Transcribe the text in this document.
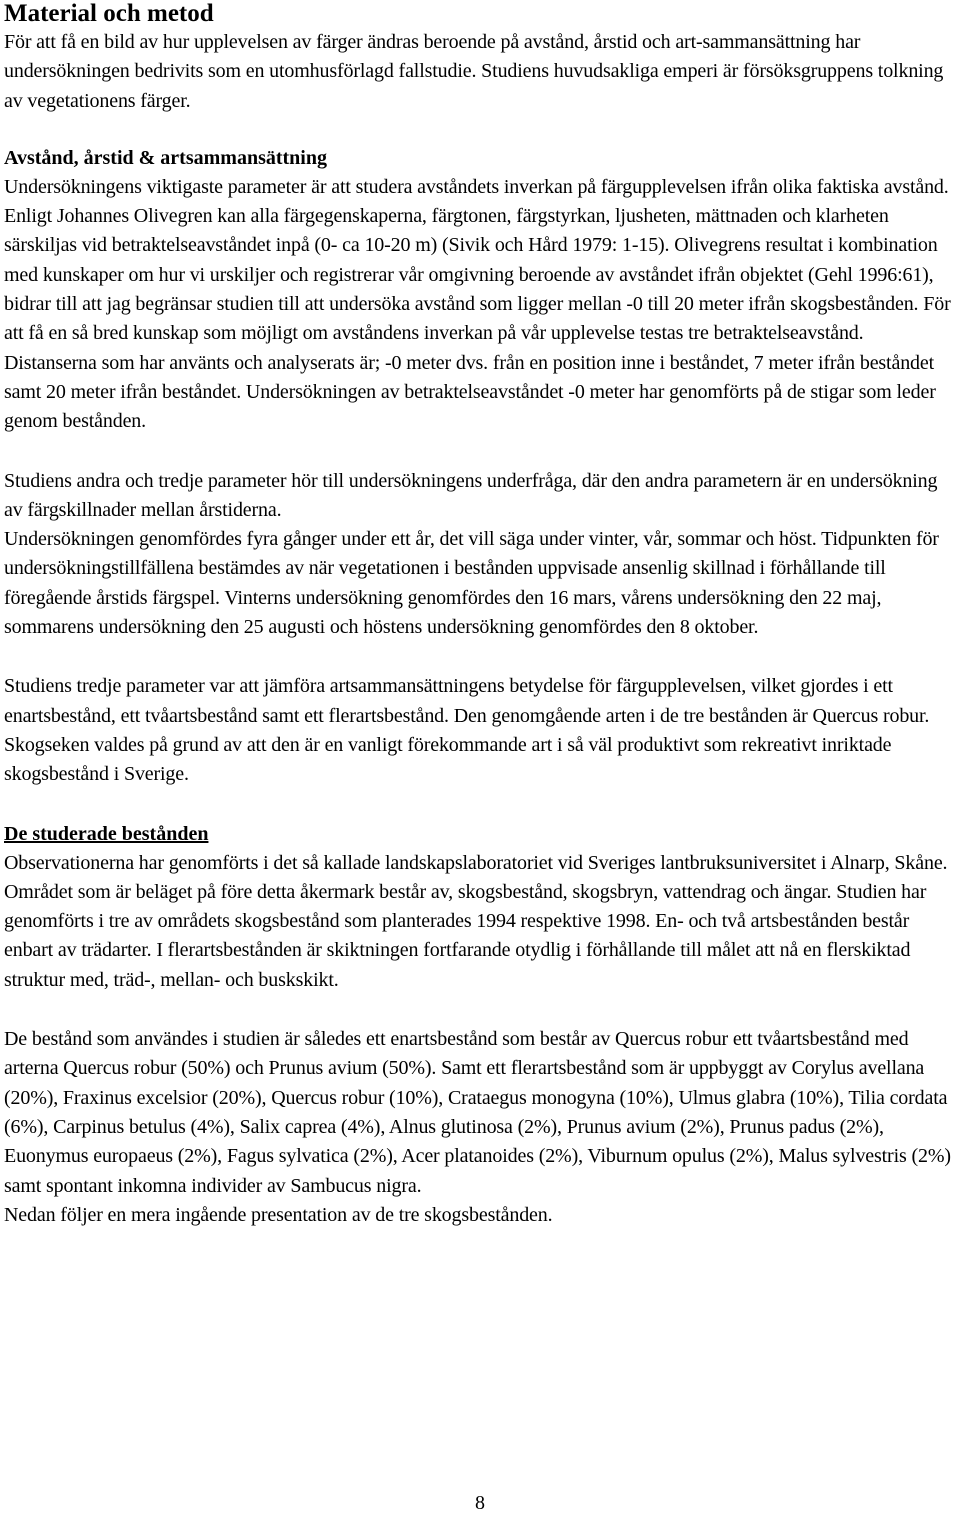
Material och metod

För att få en bild av hur upplevelsen av färger ändras beroende på avstånd, årstid och art-sammansättning har undersökningen bedrivits som en utomhusförlagd fallstudie. Studiens huvudsakliga emperi är försöksgruppens tolkning av vegetationens färger.

Avstånd, årstid & artsammansättning

Undersökningens viktigaste parameter är att studera avståndets inverkan på färgupplevelsen ifrån olika faktiska avstånd. Enligt Johannes Olivegren kan alla färgegenskaperna, färgtonen, färgstyrkan, ljusheten, mättnaden och klarheten särskiljas vid betraktelseavståndet inpå (0- ca 10-20 m) (Sivik och Hård 1979: 1-15). Olivegrens resultat i kombination med kunskaper om hur vi urskiljer och registrerar vår omgivning beroende av avståndet ifrån objektet (Gehl 1996:61), bidrar till att jag begränsar studien till att undersöka avstånd som ligger mellan -0 till 20 meter ifrån skogsbestånden. För att få en så bred kunskap som möjligt om avståndens inverkan på vår upplevelse testas tre betraktelseavstånd. Distanserna som har använts och analyserats är; -0 meter dvs. från en position inne i beståndet, 7 meter ifrån beståndet samt 20 meter ifrån beståndet. Undersökningen av betraktelseavståndet -0 meter har genomförts på de stigar som leder genom bestånden.

Studiens andra och tredje parameter hör till undersökningens underfråga, där den andra parametern är en undersökning av färgskillnader mellan årstiderna.

Undersökningen genomfördes fyra gånger under ett år, det vill säga under vinter, vår, sommar och höst. Tidpunkten för undersökningstillfällena bestämdes av när vegetationen i bestånden uppvisade ansenlig skillnad i förhållande till föregående årstids färgspel. Vinterns undersökning genomfördes den 16 mars, vårens undersökning den 22 maj, sommarens undersökning den 25 augusti och höstens undersökning genomfördes den 8 oktober.

Studiens tredje parameter var att jämföra artsammansättningens betydelse för färgupplevelsen, vilket gjordes i ett enartsbestånd, ett tvåartsbestånd samt ett flerartsbestånd. Den genomgående arten i de tre bestånden är Quercus robur. Skogseken valdes på grund av att den är en vanligt förekommande art i så väl produktivt som rekreativt inriktade skogsbestånd i Sverige.

De studerade bestånden

Observationerna har genomförts i det så kallade landskapslaboratoriet vid Sveriges lantbruksuniversitet i Alnarp, Skåne. Området som är beläget på före detta åkermark består av, skogsbestånd, skogsbryn, vattendrag och ängar. Studien har genomförts i tre av områdets skogsbestånd som planterades 1994 respektive 1998. En- och två artsbestånden består enbart av trädarter. I flerartsbestånden är skiktningen fortfarande otydlig i förhållande till målet att nå en flerskiktad struktur med, träd-, mellan- och buskskikt.

De bestånd som användes i studien är således ett enartsbestånd som består av Quercus robur ett tvåartsbestånd med arterna Quercus robur (50%) och Prunus avium (50%). Samt ett flerartsbestånd som är uppbyggt av Corylus avellana (20%), Fraxinus excelsior (20%), Quercus robur (10%), Crataegus monogyna (10%), Ulmus glabra (10%), Tilia cordata (6%), Carpinus betulus (4%), Salix caprea (4%), Alnus glutinosa (2%), Prunus avium (2%), Prunus padus (2%), Euonymus europaeus (2%), Fagus sylvatica (2%), Acer platanoides (2%), Viburnum opulus (2%), Malus sylvestris (2%) samt spontant inkomna individer av Sambucus nigra.

Nedan följer en mera ingående presentation av de tre skogsbestånden.

8
